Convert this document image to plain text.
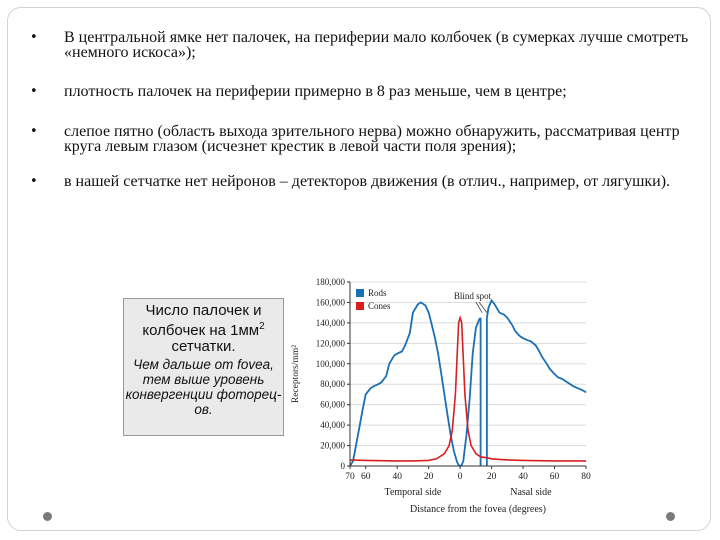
• В центральной ямке нет палочек, на периферии мало колбочек (в сумерках лучше смотреть «немного искоса»);
• плотность палочек на периферии примерно в 8 раз меньше, чем в центре;
• слепое пятно (область выхода зрительного нерва) можно обнаружить, рассматривая центр круга левым глазом (исчезнет крестик в левой части поля зрения);
• в нашей сетчатке нет нейронов – детекторов движения (в отлич., например, от лягушки).
Число палочек и колбочек на $1мм^2$ сетчатки.
Чем дальше от fovea, тем выше уровень конвергенции фоторец-ов.
0
20,000
40,000
60,000
80,000
100,000
120,000
140,000
160,000
180,000
70 60 40 20	0	20 40 60 80
Rods
Cones
Blind spot
Receptors/mm²
Temporal side	Nasal side
Distance from the fovea (degrees)
